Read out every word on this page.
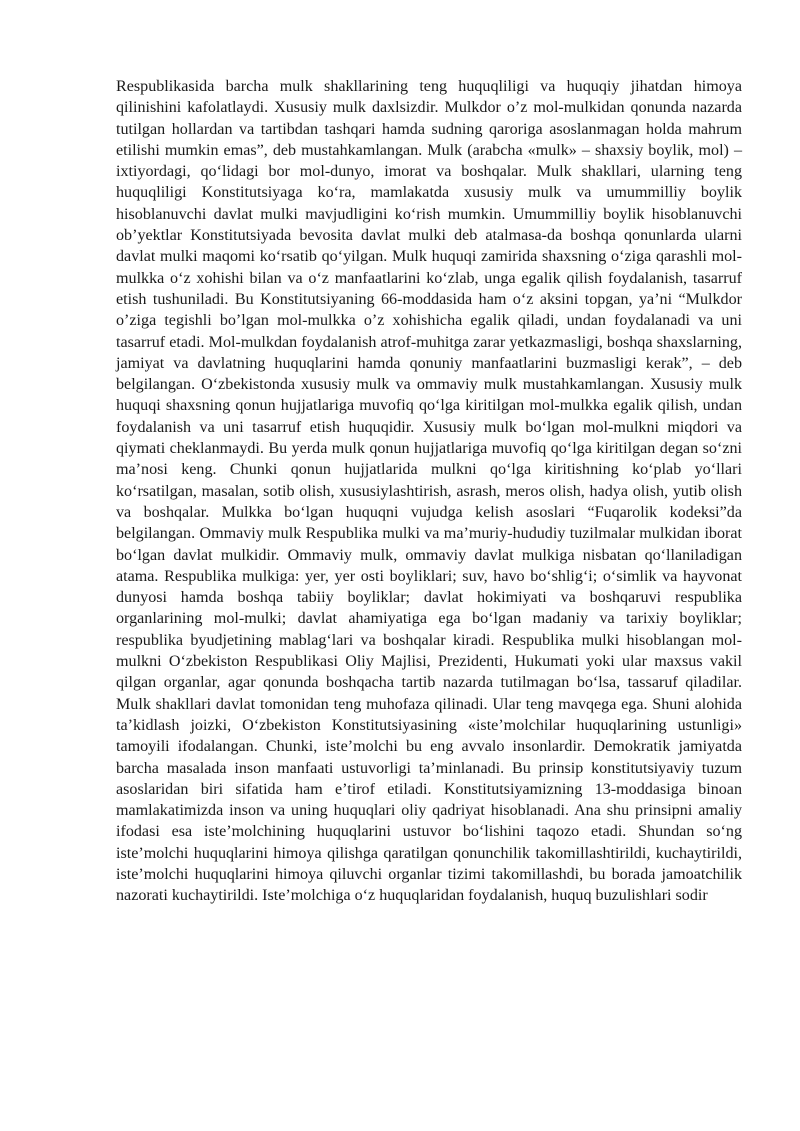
Respublikasida barcha mulk shakllarining teng huquqliligi va huquqiy jihatdan himoya qilinishini kafolatlaydi. Xususiy mulk daxlsizdir. Mulkdor o’z mol-mulkidan qonunda nazarda tutilgan hollardan va tartibdan tashqari hamda sudning qaroriga asoslanmagan holda mahrum etilishi mumkin emas”, deb mustahkamlangan. Mulk (arabcha «mulk» – shaxsiy boylik, mol) – ixtiyordagi, qo‘lidagi bor mol-dunyo, imorat va boshqalar. Mulk shakllari, ularning teng huquqliligi Konstitutsiyaga ko‘ra, mamlakatda xususiy mulk va umummilliy boylik hisoblanuvchi davlat mulki mavjudligini ko‘rish mumkin. Umummilliy boylik hisoblanuvchi ob’yektlar Konstitutsiyada bevosita davlat mulki deb atalmasa-da boshqa qonunlarda ularni davlat mulki maqomi ko‘rsatib qo‘yilgan. Mulk huquqi zamirida shaxsning o‘ziga qarashli mol-mulkka o‘z xohishi bilan va o‘z manfaatlarini ko‘zlab, unga egalik qilish foydalanish, tasarruf etish tushuniladi. Bu Konstitutsiyaning 66-moddasida ham o‘z aksini topgan, ya’ni “Mulkdor o’ziga tegishli bo’lgan mol-mulkka o’z xohishicha egalik qiladi, undan foydalanadi va uni tasarruf etadi. Mol-mulkdan foydalanish atrof-muhitga zarar yetkazmasligi, boshqa shaxslarning, jamiyat va davlatning huquqlarini hamda qonuniy manfaatlarini buzmasligi kerak”, – deb belgilangan. O‘zbekistonda xususiy mulk va ommaviy mulk mustahkamlangan. Xususiy mulk huquqi shaxsning qonun hujjatlariga muvofiq qo‘lga kiritilgan mol-mulkka egalik qilish, undan foydalanish va uni tasarruf etish huquqidir. Xususiy mulk bo‘lgan mol-mulkni miqdori va qiymati cheklanmaydi. Bu yerda mulk qonun hujjatlariga muvofiq qo‘lga kiritilgan degan so‘zni ma’nosi keng. Chunki qonun hujjatlarida mulkni qo‘lga kiritishning ko‘plab yo‘llari ko‘rsatilgan, masalan, sotib olish, xususiylashtirish, asrash, meros olish, hadya olish, yutib olish va boshqalar. Mulkka bo‘lgan huquqni vujudga kelish asoslari “Fuqarolik kodeksi”da belgilangan. Ommaviy mulk Respublika mulki va ma’muriy-hududiy tuzilmalar mulkidan iborat bo‘lgan davlat mulkidir. Ommaviy mulk, ommaviy davlat mulkiga nisbatan qo‘llaniladigan atama. Respublika mulkiga: yer, yer osti boyliklari; suv, havo bo‘shlig‘i; o‘simlik va hayvonat dunyosi hamda boshqa tabiiy boyliklar; davlat hokimiyati va boshqaruvi respublika organlarining mol-mulki; davlat ahamiyatiga ega bo‘lgan madaniy va tarixiy boyliklar; respublika byudjetining mablag‘lari va boshqalar kiradi. Respublika mulki hisoblangan mol-mulkni O‘zbekiston Respublikasi Oliy Majlisi, Prezidenti, Hukumati yoki ular maxsus vakil qilgan organlar, agar qonunda boshqacha tartib nazarda tutilmagan bo‘lsa, tassaruf qiladilar. Mulk shakllari davlat tomonidan teng muhofaza qilinadi. Ular teng mavqega ega. Shuni alohida ta’kidlash joizki, O‘zbekiston Konstitutsiyasining «iste’molchilar huquqlarining ustunligi» tamoyili ifodalangan. Chunki, iste’molchi bu eng avvalo insonlardir. Demokratik jamiyatda barcha masalada inson manfaati ustuvorligi ta’minlanadi. Bu prinsip konstitutsiyaviy tuzum asoslaridan biri sifatida ham e’tirof etiladi. Konstitutsiyamizning 13-moddasiga binoan mamlakatimizda inson va uning huquqlari oliy qadriyat hisoblanadi. Ana shu prinsipni amaliy ifodasi esa iste’molchining huquqlarini ustuvor bo‘lishini taqozo etadi. Shundan so‘ng iste’molchi huquqlarini himoya qilishga qaratilgan qonunchilik takomillashtirildi, kuchaytirildi, iste’molchi huquqlarini himoya qiluvchi organlar tizimi takomillashdi, bu borada jamoatchilik nazorati kuchaytirildi. Iste’molchiga o‘z huquqlaridan foydalanish, huquq buzulishlari sodir
